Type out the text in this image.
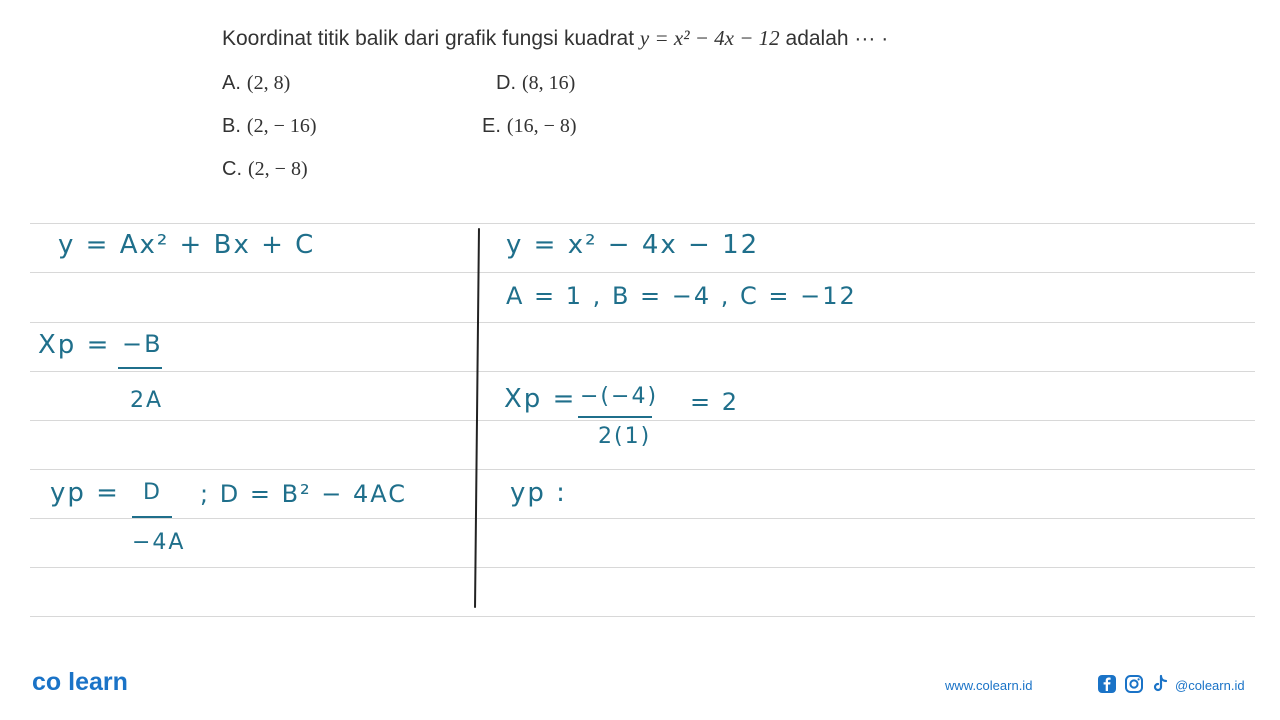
Koordinat titik balik dari grafik fungsi kuadrat y = x² − 4x − 12 adalah ··· ·
A. (2, 8)	D. (8, 16)
B. (2, − 16)	E. (16, − 8)
C. (2, − 8)
y = Ax² + Bx + C
Xp = −B
2A
yp = D
−4A
; D = B² − 4AC
y = x² − 4x − 12
A = 1 , B = −4 , C = −12
Xp = −(−4)
2(1)
= 2
yp :
co learn	www.colearn.id	@colearn.id
